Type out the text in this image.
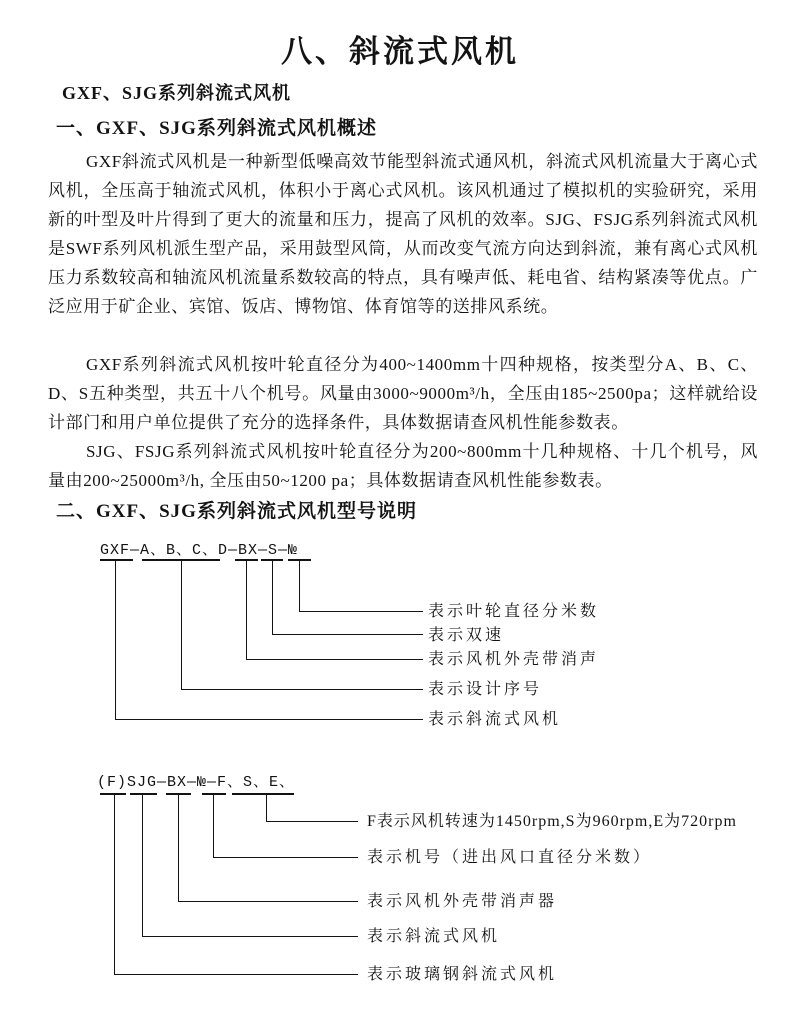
八、斜流式风机
GXF、SJG系列斜流式风机
一、GXF、SJG系列斜流式风机概述

GXF斜流式风机是一种新型低噪高效节能型斜流式通风机，斜流式风机流量大于离心式风机，全压高于轴流式风机，体积小于离心式风机。该风机通过了模拟机的实验研究，采用新的叶型及叶片得到了更大的流量和压力，提高了风机的效率。SJG、FSJG系列斜流式风机是SWF系列风机派生型产品，采用鼓型风筒，从而改变气流方向达到斜流，兼有离心式风机压力系数较高和轴流风机流量系数较高的特点，具有噪声低、耗电省、结构紧凑等优点。广泛应用于矿企业、宾馆、饭店、博物馆、体育馆等的送排风系统。

GXF系列斜流式风机按叶轮直径分为400~1400mm十四种规格，按类型分A、B、C、D、S五种类型，共五十八个机号。风量由3000~9000m³/h，全压由185~2500pa；这样就给设计部门和用户单位提供了充分的选择条件，具体数据请查风机性能参数表。

SJG、FSJG系列斜流式风机按叶轮直径分为200~800mm十几种规格、十几个机号，风量由200~25000m³/h, 全压由50~1200 pa；具体数据请查风机性能参数表。

二、GXF、SJG系列斜流式风机型号说明
GXF—A、B、C、D—BX—S—№
表示叶轮直径分米数
表示双速
表示风机外壳带消声
表示设计序号
表示斜流式风机
(F)SJG—BX—№—F、S、E、
F表示风机转速为1450rpm,S为960rpm,E为720rpm
表示机号（进出风口直径分米数）
表示风机外壳带消声器
表示斜流式风机
表示玻璃钢斜流式风机
